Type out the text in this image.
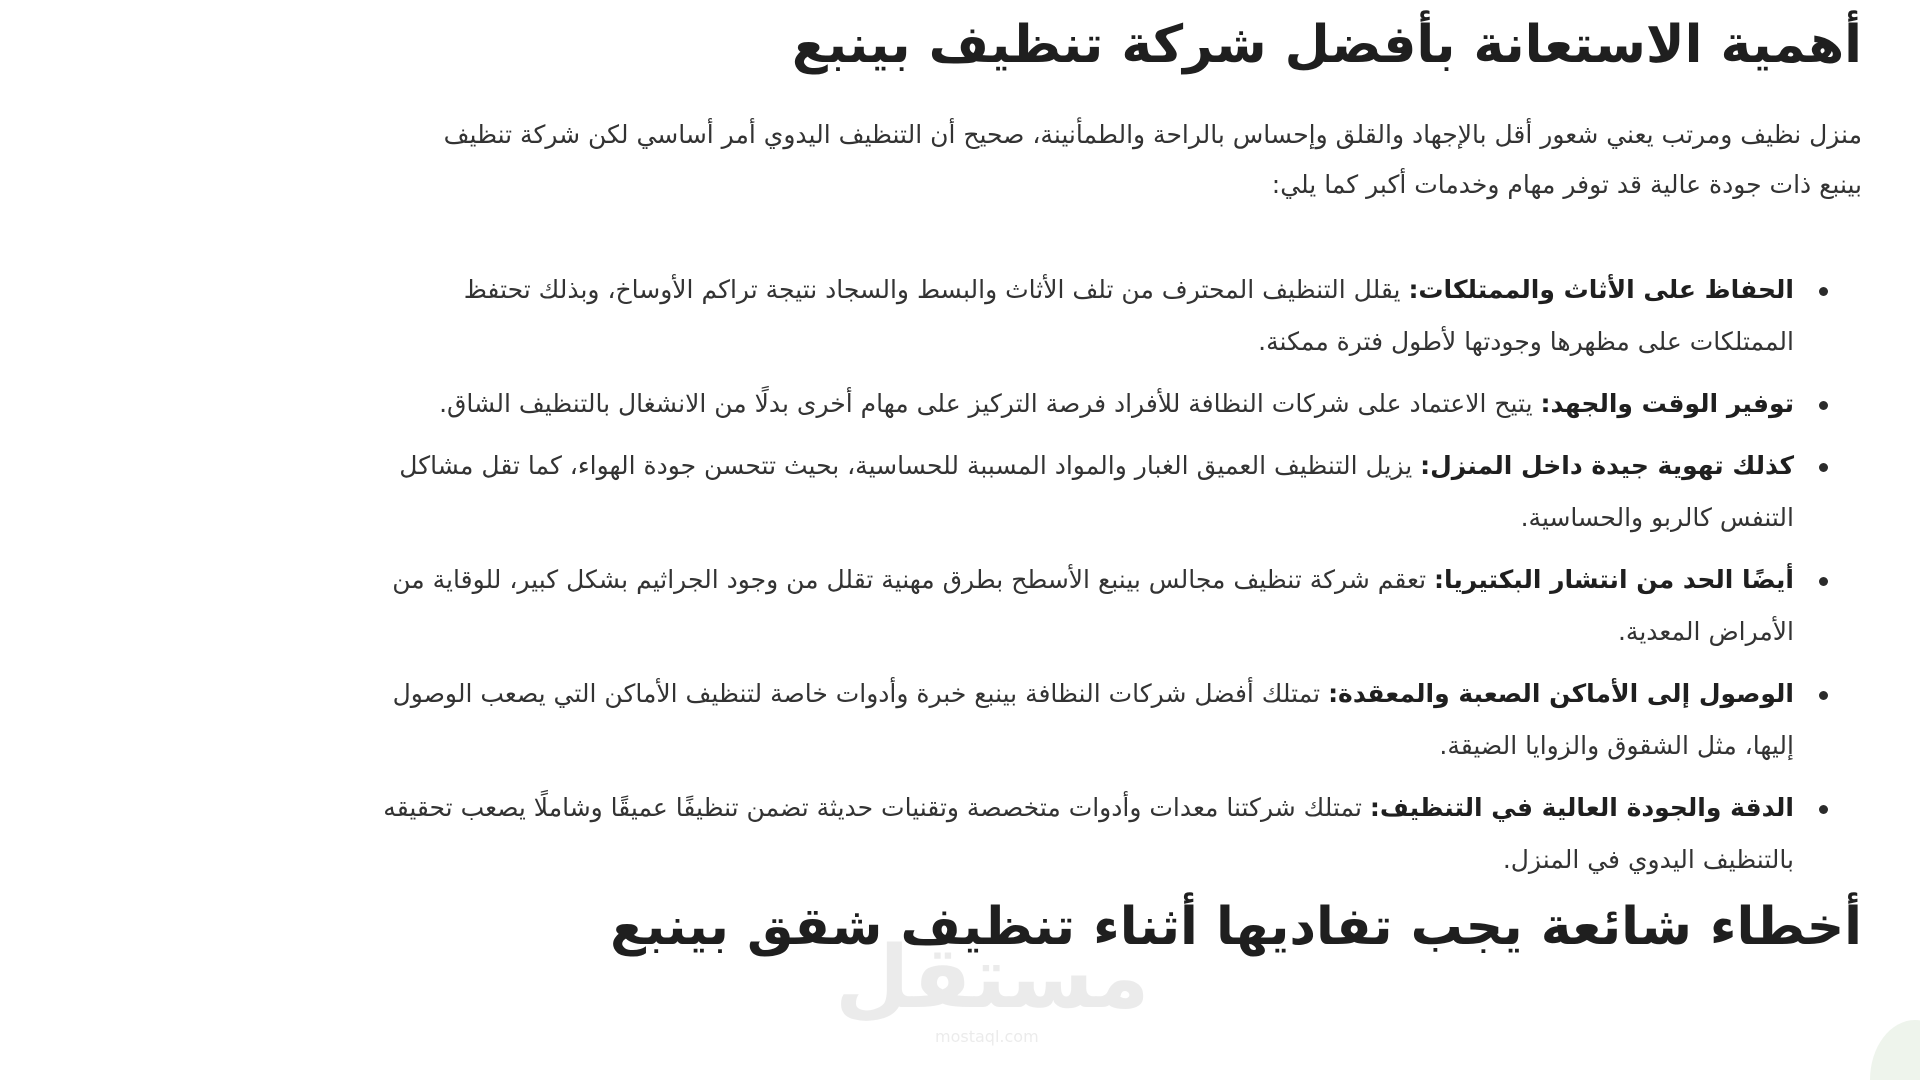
أهمية الاستعانة بأفضل شركة تنظيف بينبع

منزل نظيف ومرتب يعني شعور أقل بالإجهاد والقلق وإحساس بالراحة والطمأنينة، صحيح أن التنظيف اليدوي أمر أساسي لكن شركة تنظيف بينبع ذات جودة عالية قد توفر مهام وخدمات أكبر كما يلي:

الحفاظ على الأثاث والممتلكات: يقلل التنظيف المحترف من تلف الأثاث والبسط والسجاد نتيجة تراكم الأوساخ، وبذلك تحتفظ الممتلكات على مظهرها وجودتها لأطول فترة ممكنة.
توفير الوقت والجهد: يتيح الاعتماد على شركات النظافة للأفراد فرصة التركيز على مهام أخرى بدلًا من الانشغال بالتنظيف الشاق.
كذلك تهوية جيدة داخل المنزل: يزيل التنظيف العميق الغبار والمواد المسببة للحساسية، بحيث تتحسن جودة الهواء، كما تقل مشاكل التنفس كالربو والحساسية.
أيضًا الحد من انتشار البكتيريا: تعقم شركة تنظيف مجالس بينبع الأسطح بطرق مهنية تقلل من وجود الجراثيم بشكل كبير، للوقاية من الأمراض المعدية.
الوصول إلى الأماكن الصعبة والمعقدة: تمتلك أفضل شركات النظافة بينبع خبرة وأدوات خاصة لتنظيف الأماكن التي يصعب الوصول إليها، مثل الشقوق والزوايا الضيقة.
الدقة والجودة العالية في التنظيف: تمتلك شركتنا معدات وأدوات متخصصة وتقنيات حديثة تضمن تنظيفًا عميقًا وشاملًا يصعب تحقيقه بالتنظيف اليدوي في المنزل.
أخطاء شائعة يجب تفاديها أثناء تنظيف شقق بينبع
مستقل
mostaql.com
